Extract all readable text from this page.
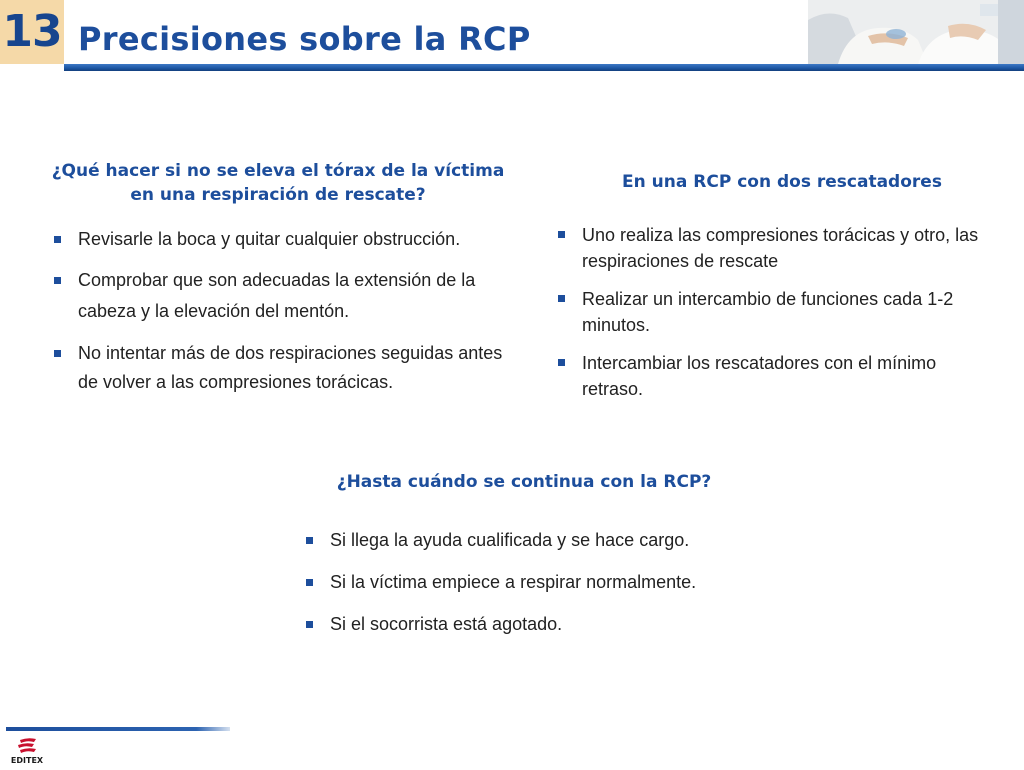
13 Precisiones sobre la RCP
¿Qué hacer si no se eleva el tórax de la víctima en una respiración de rescate?
Revisarle la boca y quitar cualquier obstrucción.
Comprobar que son adecuadas la extensión de la cabeza y la elevación del mentón.
No intentar más de dos respiraciones seguidas antes de volver a las compresiones torácicas.
En una RCP con dos rescatadores
Uno realiza las compresiones torácicas y otro, las respiraciones de rescate
Realizar un intercambio de funciones cada 1-2 minutos.
Intercambiar los rescatadores con el mínimo retraso.
¿Hasta cuándo se continua con la RCP?
Si llega la ayuda cualificada y se hace cargo.
Si la víctima empiece a respirar normalmente.
Si el socorrista está agotado.
EDITEX
